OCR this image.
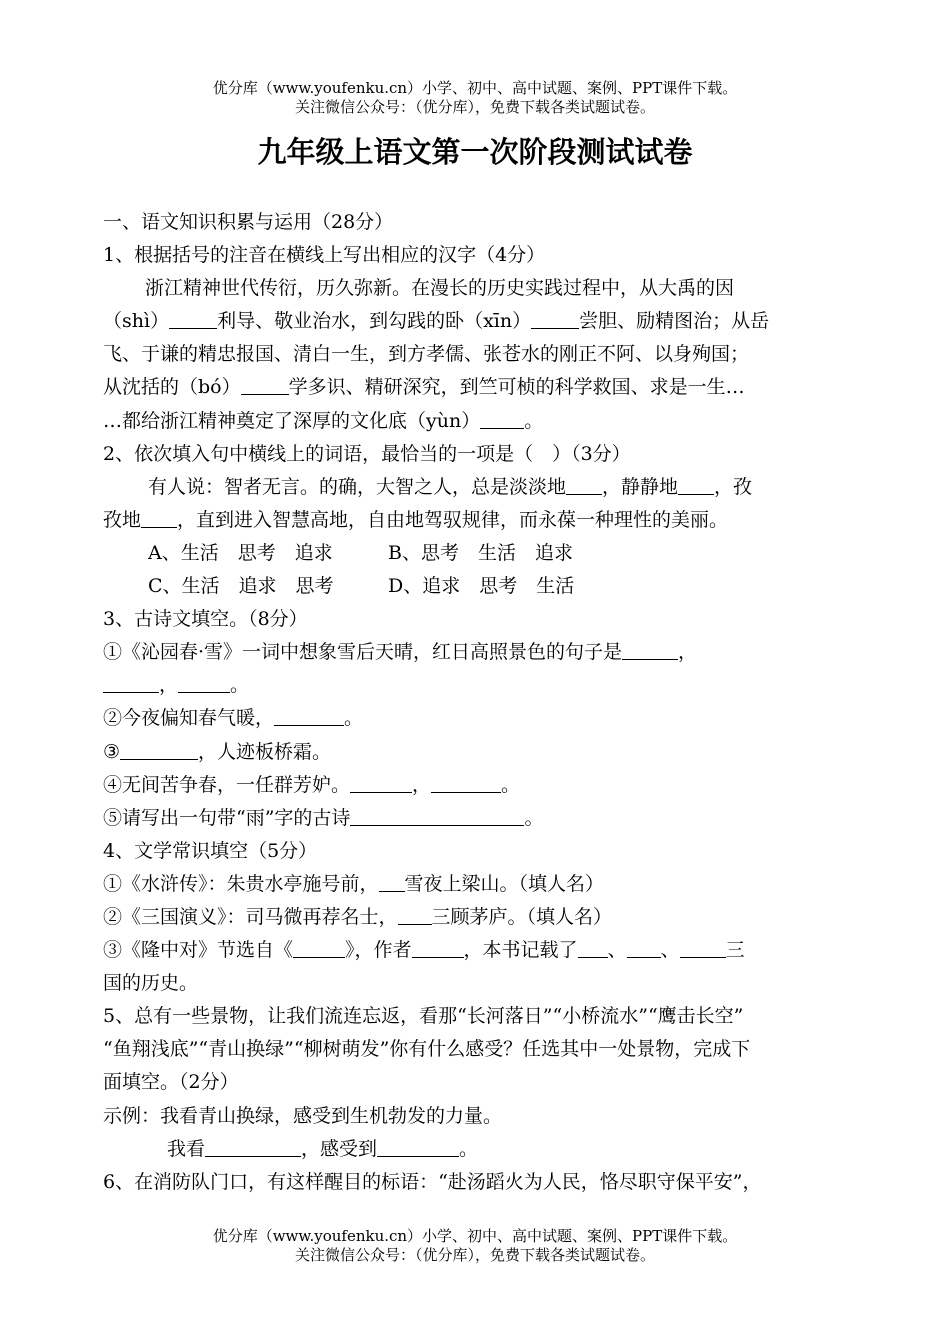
优分库（www.youfenku.cn）小学、初中、高中试题、案例、PPT课件下载。
关注微信公众号：（优分库），免费下载各类试题试卷。
九年级上语文第一次阶段测试试卷
一、语文知识积累与运用（28分）
1、根据括号的注音在横线上写出相应的汉字（4分）
浙江精神世代传衍，历久弥新。在漫长的历史实践过程中，从大禹的因
（shì）	利导、敬业治水，到勾践的卧（xīn）	尝胆、励精图治；从岳
飞、于谦的精忠报国、清白一生，到方孝儒、张苍水的刚正不阿、以身殉国；
从沈括的（bó）	学多识、精研深究，到竺可桢的科学救国、求是一生…
…都给浙江精神奠定了深厚的文化底（yùn） 。
2、依次填入句中横线上的词语，最恰当的一项是（　）（3分）
有人说：智者无言。的确，大智之人，总是淡淡地 ，静静地 ，孜
孜地 ，直到进入智慧高地，自由地驾驭规律，而永葆一种理性的美丽。
A、生活　思考　追求	B、思考　生活　追求
C、生活　追求　思考	D、追求　思考　生活
3、古诗文填空。（8分）
①《沁园春·雪》一词中想象雪后天晴，红日高照景色的句子是	，
，	。
②今夜偏知春气暖，	。
③	，人迹板桥霜。
④无间苦争春，一任群芳妒。	，	。
⑤请写出一句带“雨”字的古诗	。
4、文学常识填空（5分）
①《水浒传》：朱贵水亭施号前， 雪夜上梁山。（填人名）
②《三国演义》：司马微再荐名士， 三顾茅庐。（填人名）
③《隆中对》节选自《	》，作者	，本书记载了 、 、 三
国的历史。
5、总有一些景物，让我们流连忘返，看那“长河落日”“小桥流水”“鹰击长空”
“鱼翔浅底”“青山换绿”“柳树萌发”你有什么感受？任选其中一处景物，完成下
面填空。（2分）
示例：我看青山换绿，感受到生机勃发的力量。
我看	，感受到	。
6、在消防队门口，有这样醒目的标语：“赴汤蹈火为人民，恪尽职守保平安”，
优分库（www.youfenku.cn）小学、初中、高中试题、案例、PPT课件下载。
关注微信公众号：（优分库），免费下载各类试题试卷。
